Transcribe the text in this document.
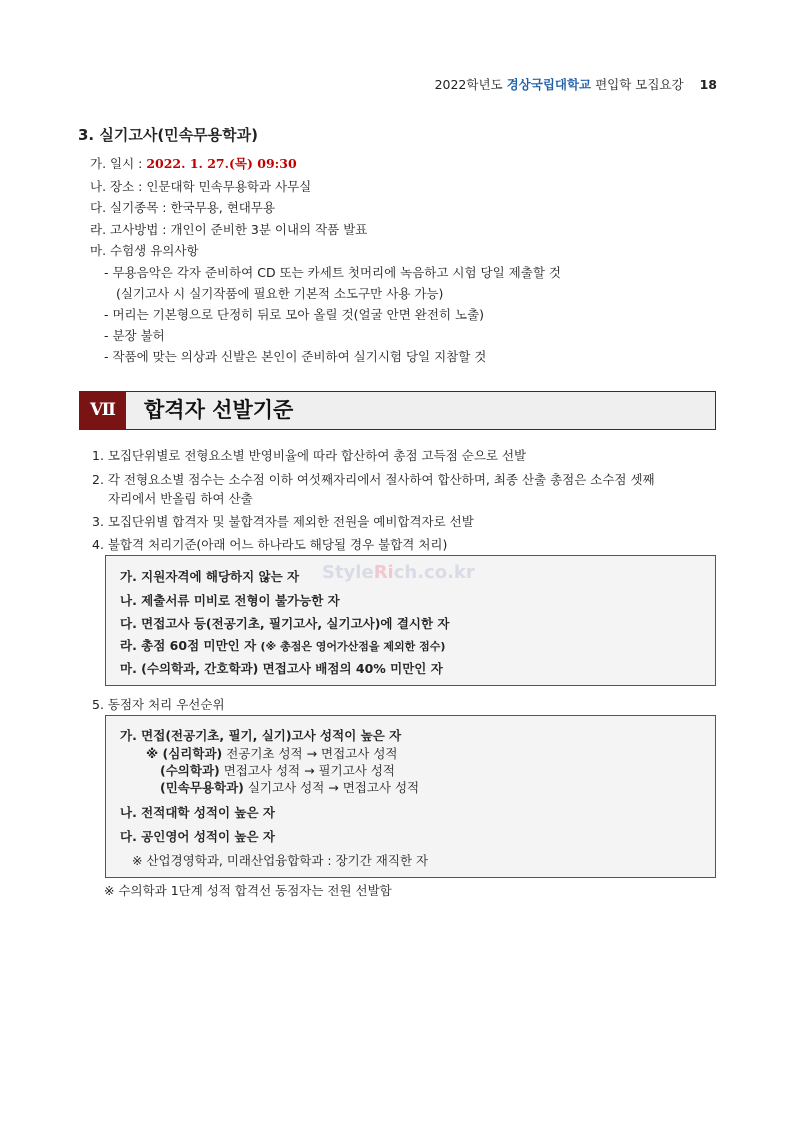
2022학년도 경상국립대학교 편입학 모집요강 18
3. 실기고사(민속무용학과)
가. 일시 : 2022. 1. 27.(목) 09:30
나. 장소 : 인문대학 민속무용학과 사무실
다. 실기종목 : 한국무용, 현대무용
라. 고사방법 : 개인이 준비한 3분 이내의 작품 발표
마. 수험생 유의사항
- 무용음악은 각자 준비하여 CD 또는 카세트 첫머리에 녹음하고 시험 당일 제출할 것
(실기고사 시 실기작품에 필요한 기본적 소도구만 사용 가능)
- 머리는 기본형으로 단정히 뒤로 모아 올릴 것(얼굴 안면 완전히 노출)
- 분장 불허
- 작품에 맞는 의상과 신발은 본인이 준비하여 실기시험 당일 지참할 것
Ⅶ	합격자 선발기준
1. 모집단위별로 전형요소별 반영비율에 따라 합산하여 총점 고득점 순으로 선발
2. 각 전형요소별 점수는 소수점 이하 여섯째자리에서 절사하여 합산하며, 최종 산출 총점은 소수점 셋째
자리에서 반올림 하여 산출
3. 모집단위별 합격자 및 불합격자를 제외한 전원을 예비합격자로 선발
4. 불합격 처리기준(아래 어느 하나라도 해당될 경우 불합격 처리)
가. 지원자격에 해당하지 않는 자
나. 제출서류 미비로 전형이 불가능한 자
다. 면접고사 등(전공기초, 필기고사, 실기고사)에 결시한 자
라. 총점 60점 미만인 자 (※ 총점은 영어가산점을 제외한 점수)
마. (수의학과, 간호학과) 면접고사 배점의 40% 미만인 자
StyleRich.co.kr
5. 동점자 처리 우선순위
가. 면접(전공기초, 필기, 실기)고사 성적이 높은 자
※ (심리학과) 전공기초 성적 → 면접고사 성적
(수의학과) 면접고사 성적 → 필기고사 성적
(민속무용학과) 실기고사 성적 → 면접고사 성적
나. 전적대학 성적이 높은 자
다. 공인영어 성적이 높은 자
※ 산업경영학과, 미래산업융합학과 : 장기간 재직한 자
※ 수의학과 1단계 성적 합격선 동점자는 전원 선발함
